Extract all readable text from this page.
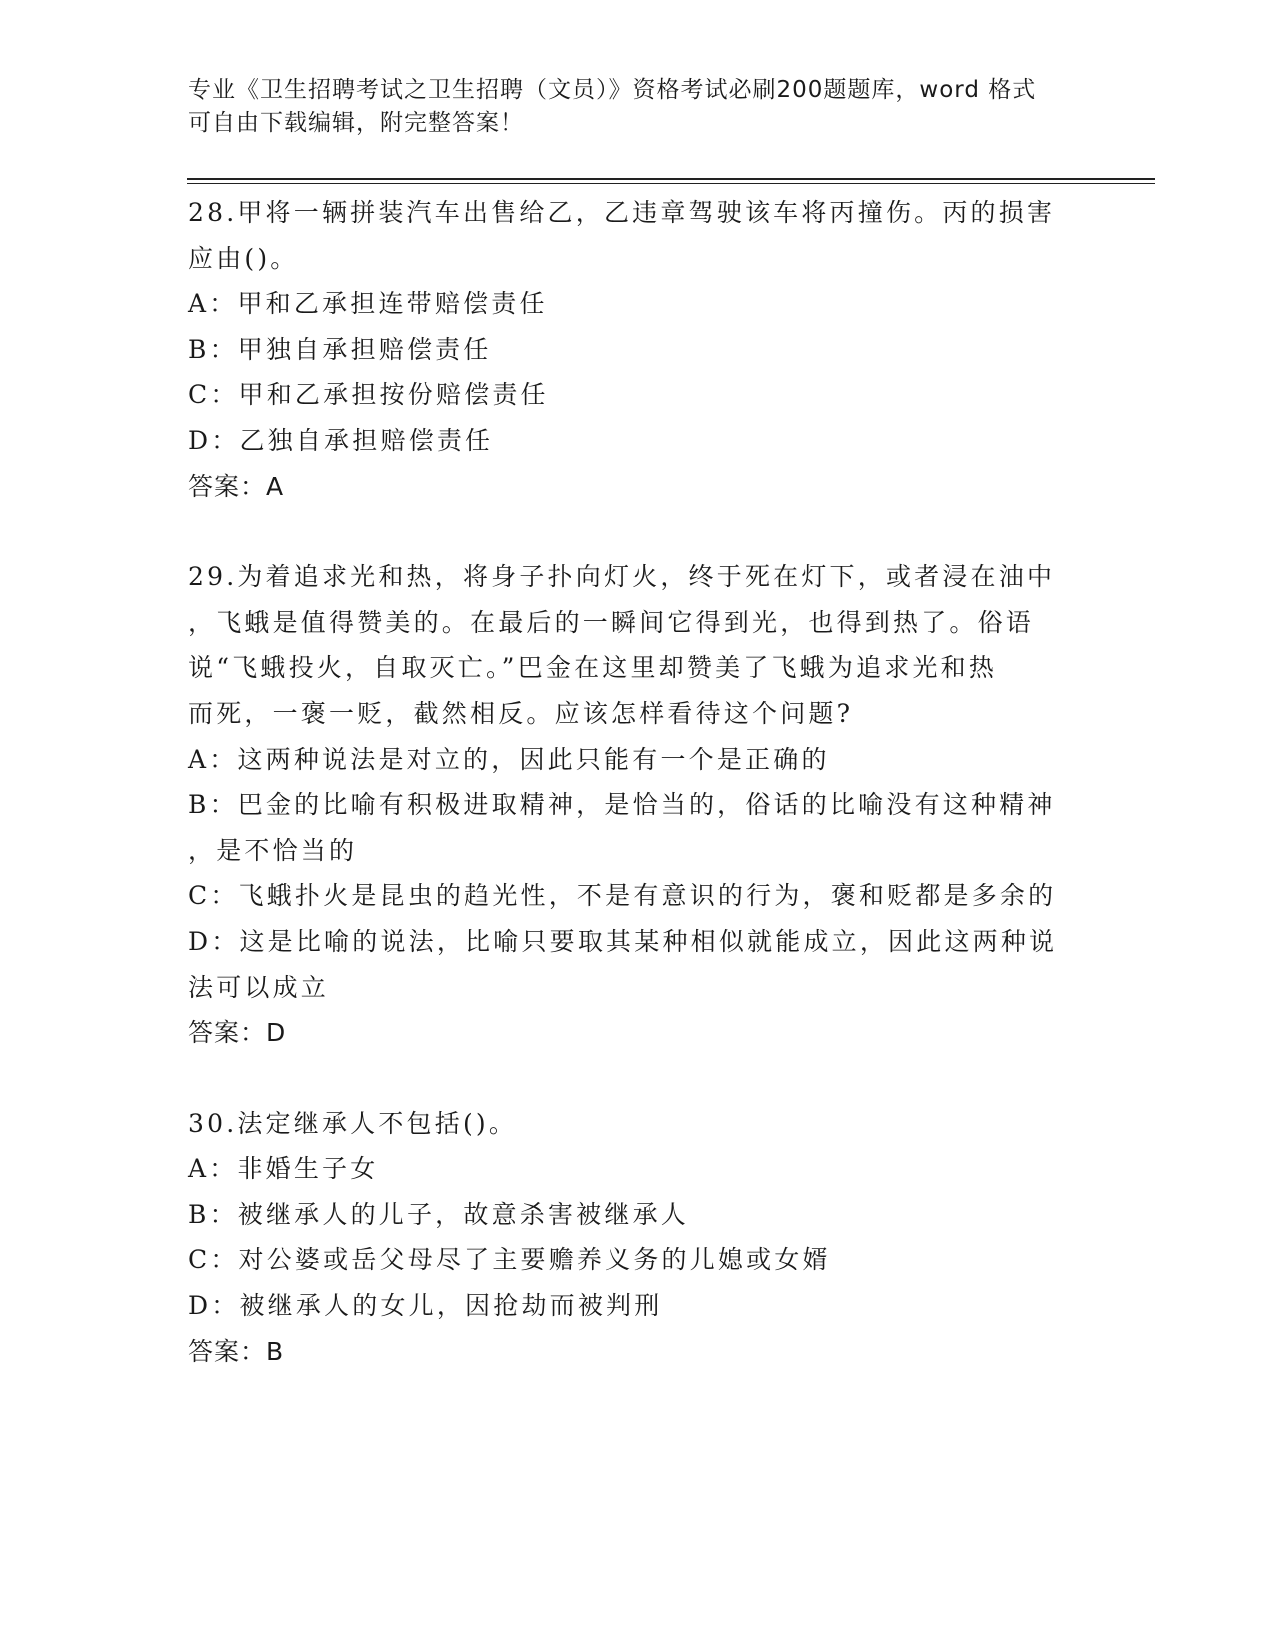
专业《卫生招聘考试之卫生招聘（文员）》资格考试必刷200题题库，word 格式
可自由下载编辑，附完整答案！
28.甲将一辆拼装汽车出售给乙，乙违章驾驶该车将丙撞伤。丙的损害
应由()。
A：甲和乙承担连带赔偿责任
B：甲独自承担赔偿责任
C：甲和乙承担按份赔偿责任
D：乙独自承担赔偿责任
答案：A
29.为着追求光和热，将身子扑向灯火，终于死在灯下，或者浸在油中
，飞蛾是值得赞美的。在最后的一瞬间它得到光，也得到热了。俗语
说“飞蛾投火，自取灭亡。”巴金在这里却赞美了飞蛾为追求光和热
而死，一褒一贬，截然相反。应该怎样看待这个问题?
A：这两种说法是对立的，因此只能有一个是正确的
B：巴金的比喻有积极进取精神，是恰当的，俗话的比喻没有这种精神
，是不恰当的
C：飞蛾扑火是昆虫的趋光性，不是有意识的行为，褒和贬都是多余的
D：这是比喻的说法，比喻只要取其某种相似就能成立，因此这两种说
法可以成立
答案：D
30.法定继承人不包括()。
A：非婚生子女
B：被继承人的儿子，故意杀害被继承人
C：对公婆或岳父母尽了主要赡养义务的儿媳或女婿
D：被继承人的女儿，因抢劫而被判刑
答案：B
